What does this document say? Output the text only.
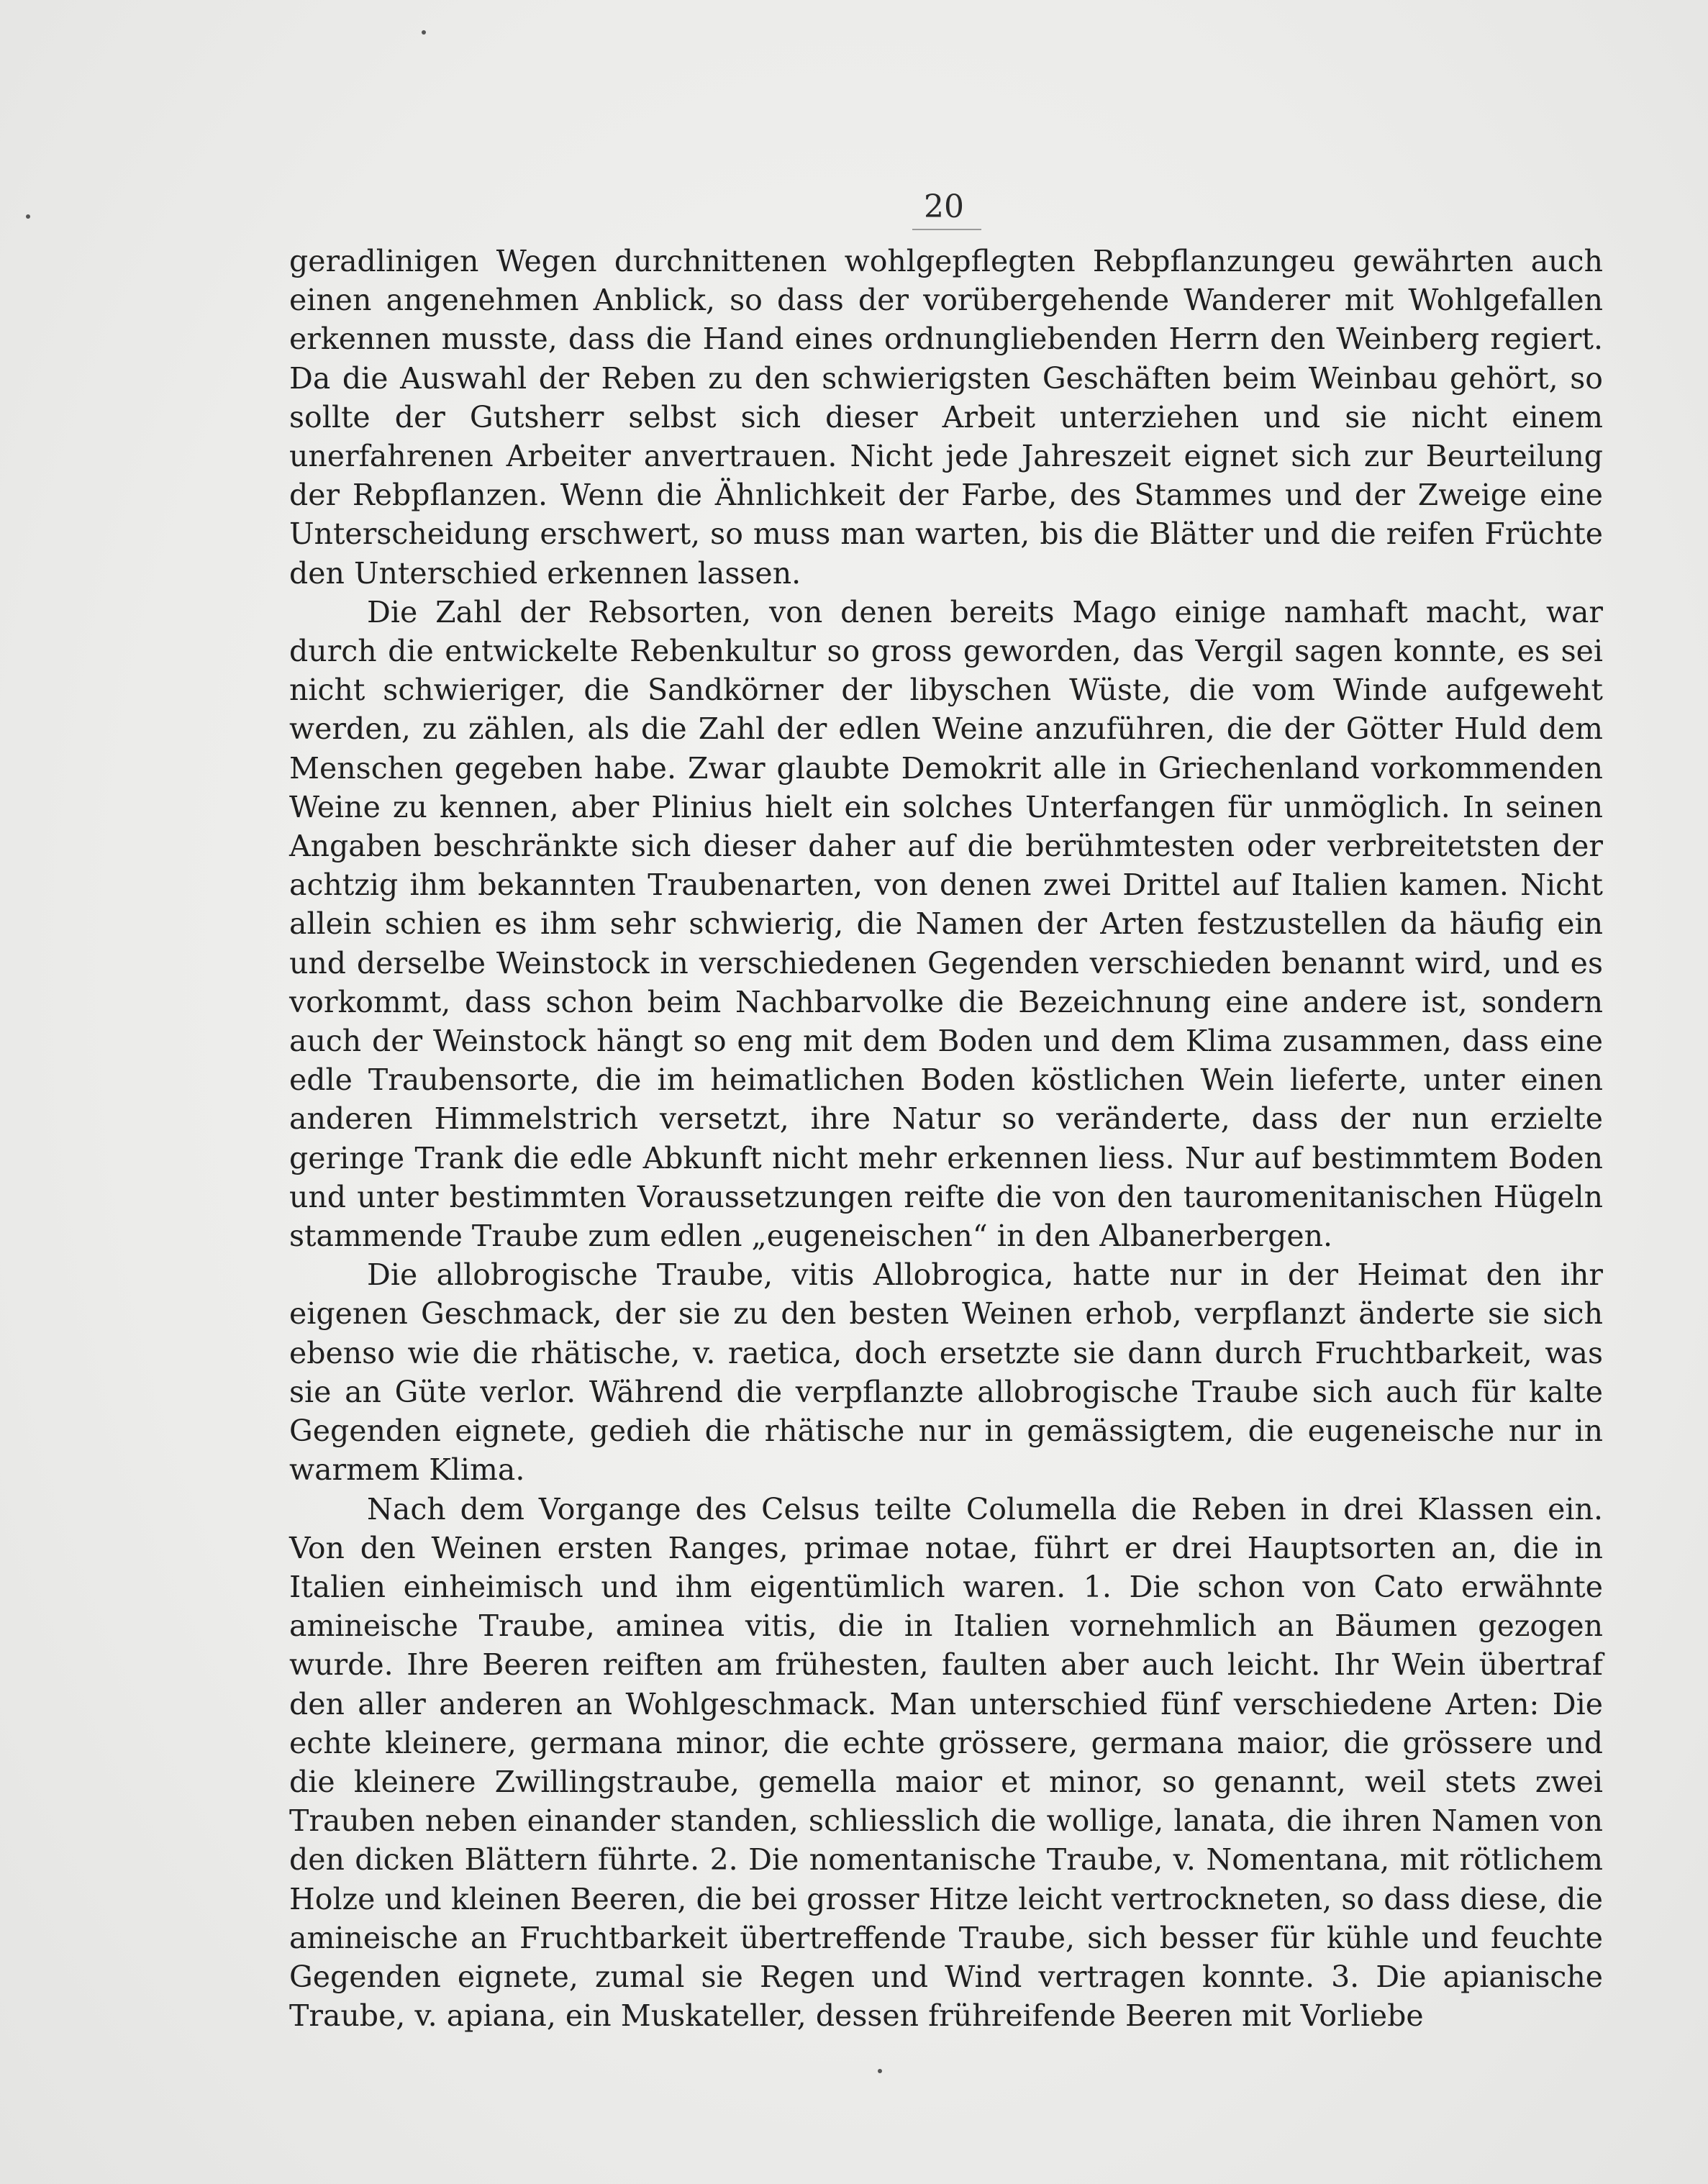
20

geradlinigen Wegen durchnittenen wohlgepflegten Rebpflanzungeu gewährten auch einen angenehmen Anblick, so dass der vorübergehende Wanderer mit Wohlgefallen erkennen musste, dass die Hand eines ordnungliebenden Herrn den Weinberg regiert. Da die Auswahl der Reben zu den schwierigsten Geschäften beim Weinbau gehört, so sollte der Gutsherr selbst sich dieser Arbeit unterziehen und sie nicht einem unerfahrenen Arbeiter anvertrauen. Nicht jede Jahreszeit eignet sich zur Beurteilung der Rebpflanzen. Wenn die Ähnlichkeit der Farbe, des Stammes und der Zweige eine Unterscheidung erschwert, so muss man warten, bis die Blätter und die reifen Früchte den Unterschied erkennen lassen.

Die Zahl der Rebsorten, von denen bereits Mago einige namhaft macht, war durch die entwickelte Rebenkultur so gross geworden, das Vergil sagen konnte, es sei nicht schwieriger, die Sandkörner der libyschen Wüste, die vom Winde aufgeweht werden, zu zählen, als die Zahl der edlen Weine anzuführen, die der Götter Huld dem Menschen gegeben habe. Zwar glaubte Demokrit alle in Griechenland vorkommenden Weine zu kennen, aber Plinius hielt ein solches Unterfangen für unmöglich. In seinen Angaben beschränkte sich dieser daher auf die berühmtesten oder verbreitetsten der achtzig ihm bekannten Traubenarten, von denen zwei Drittel auf Italien kamen. Nicht allein schien es ihm sehr schwierig, die Namen der Arten festzustellen da häufig ein und derselbe Weinstock in verschiedenen Gegenden verschieden benannt wird, und es vorkommt, dass schon beim Nachbarvolke die Bezeichnung eine andere ist, sondern auch der Weinstock hängt so eng mit dem Boden und dem Klima zusammen, dass eine edle Traubensorte, die im heimatlichen Boden köstlichen Wein lieferte, unter einen anderen Himmelstrich versetzt, ihre Natur so veränderte, dass der nun erzielte geringe Trank die edle Abkunft nicht mehr erkennen liess. Nur auf bestimmtem Boden und unter bestimmten Voraussetzungen reifte die von den tauromenitanischen Hügeln stammende Traube zum edlen „eugeneischen“ in den Albanerbergen.

Die allobrogische Traube, vitis Allobrogica, hatte nur in der Heimat den ihr eigenen Geschmack, der sie zu den besten Weinen erhob, verpflanzt änderte sie sich ebenso wie die rhätische, v. raetica, doch ersetzte sie dann durch Fruchtbarkeit, was sie an Güte verlor. Während die verpflanzte allobrogische Traube sich auch für kalte Gegenden eignete, gedieh die rhätische nur in gemässigtem, die eugeneische nur in warmem Klima.

Nach dem Vorgange des Celsus teilte Columella die Reben in drei Klassen ein. Von den Weinen ersten Ranges, primae notae, führt er drei Hauptsorten an, die in Italien einheimisch und ihm eigentümlich waren. 1. Die schon von Cato erwähnte amineische Traube, aminea vitis, die in Italien vornehmlich an Bäumen gezogen wurde. Ihre Beeren reiften am frühesten, faulten aber auch leicht. Ihr Wein übertraf den aller anderen an Wohlgeschmack. Man unterschied fünf verschiedene Arten: Die echte kleinere, germana minor, die echte grössere, germana maior, die grössere und die kleinere Zwillingstraube, gemella maior et minor, so genannt, weil stets zwei Trauben neben einander standen, schliesslich die wollige, lanata, die ihren Namen von den dicken Blättern führte. 2. Die nomentanische Traube, v. Nomentana, mit rötlichem Holze und kleinen Beeren, die bei grosser Hitze leicht vertrockneten, so dass diese, die amineische an Fruchtbarkeit übertreffende Traube, sich besser für kühle und feuchte Gegenden eignete, zumal sie Regen und Wind vertragen konnte. 3. Die apianische Traube, v. apiana, ein Muskateller, dessen frühreifende Beeren mit Vorliebe
